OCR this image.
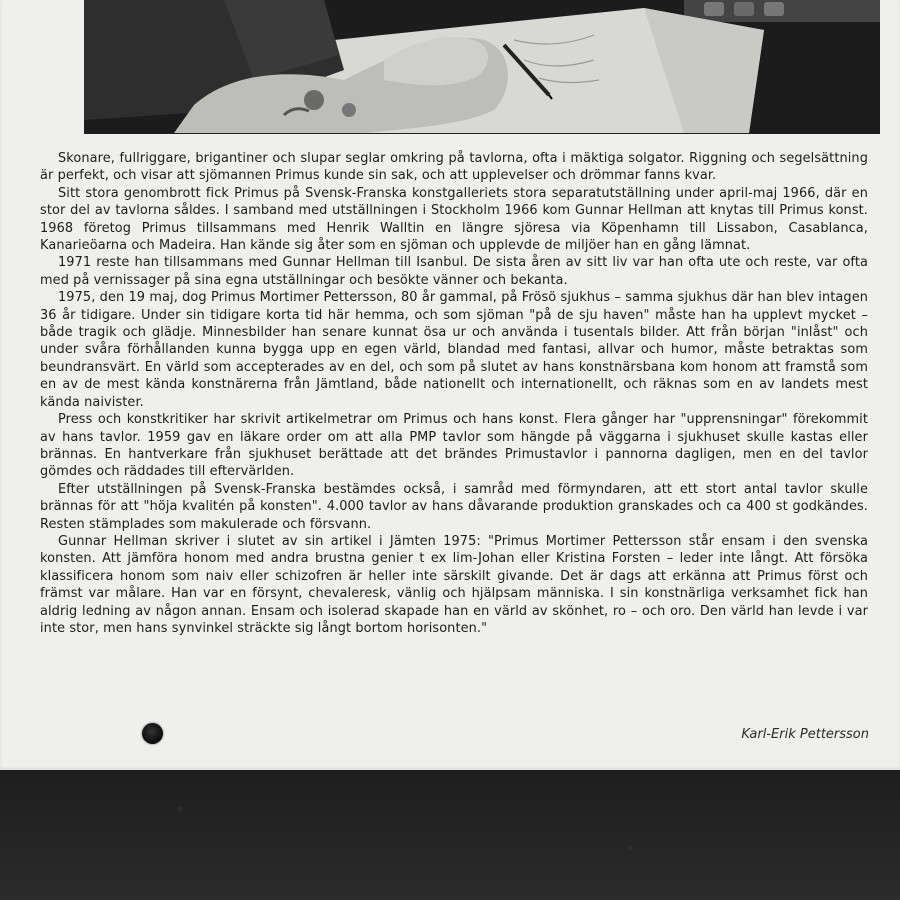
Skonare, fullriggare, brigantiner och slupar seglar omkring på tavlorna, ofta i mäktiga solgator. Riggning och segelsättning är perfekt, och visar att sjömannen Primus kunde sin sak, och att upplevelser och drömmar fanns kvar.

Sitt stora genombrott fick Primus på Svensk-Franska konstgalleriets stora separatutställning under april-maj 1966, där en stor del av tavlorna såldes. I samband med utställningen i Stockholm 1966 kom Gunnar Hellman att knytas till Primus konst. 1968 företog Primus tillsammans med Henrik Walltin en längre sjöresa via Köpenhamn till Lissabon, Casablanca, Kanarieöarna och Madeira. Han kände sig åter som en sjöman och upplevde de miljöer han en gång lämnat.

1971 reste han tillsammans med Gunnar Hellman till Isanbul. De sista åren av sitt liv var han ofta ute och reste, var ofta med på vernissager på sina egna utställningar och besökte vänner och bekanta.

1975, den 19 maj, dog Primus Mortimer Pettersson, 80 år gammal, på Frösö sjukhus – samma sjukhus där han blev intagen 36 år tidigare. Under sin tidigare korta tid här hemma, och som sjöman "på de sju haven" måste han ha upplevt mycket – både tragik och glädje. Minnesbilder han senare kunnat ösa ur och använda i tusentals bilder. Att från början "inlåst" och under svåra förhållanden kunna bygga upp en egen värld, blandad med fantasi, allvar och humor, måste betraktas som beundransvärt. En värld som accepterades av en del, och som på slutet av hans konstnärsbana kom honom att framstå som en av de mest kända konstnärerna från Jämtland, både nationellt och internationellt, och räknas som en av landets mest kända naivister.

Press och konstkritiker har skrivit artikelmetrar om Primus och hans konst. Flera gånger har "upprensningar" förekommit av hans tavlor. 1959 gav en läkare order om att alla PMP tavlor som hängde på väggarna i sjukhuset skulle kastas eller brännas. En hantverkare från sjukhuset berättade att det brändes Primustavlor i pannorna dagligen, men en del tavlor gömdes och räddades till eftervärlden.

Efter utställningen på Svensk-Franska bestämdes också, i samråd med förmyndaren, att ett stort antal tavlor skulle brännas för att "höja kvalitén på konsten". 4.000 tavlor av hans dåvarande produktion granskades och ca 400 st godkändes. Resten stämplades som makulerade och försvann.

Gunnar Hellman skriver i slutet av sin artikel i Jämten 1975: "Primus Mortimer Pettersson står ensam i den svenska konsten. Att jämföra honom med andra brustna genier t ex lim-Johan eller Kristina Forsten – leder inte långt. Att försöka klassificera honom som naiv eller schizofren är heller inte särskilt givande. Det är dags att erkänna att Primus först och främst var målare. Han var en försynt, chevaleresk, vänlig och hjälpsam människa. I sin konstnärliga verksamhet fick han aldrig ledning av någon annan. Ensam och isolerad skapade han en värld av skönhet, ro – och oro. Den värld han levde i var inte stor, men hans synvinkel sträckte sig långt bortom horisonten."

Karl-Erik Pettersson
